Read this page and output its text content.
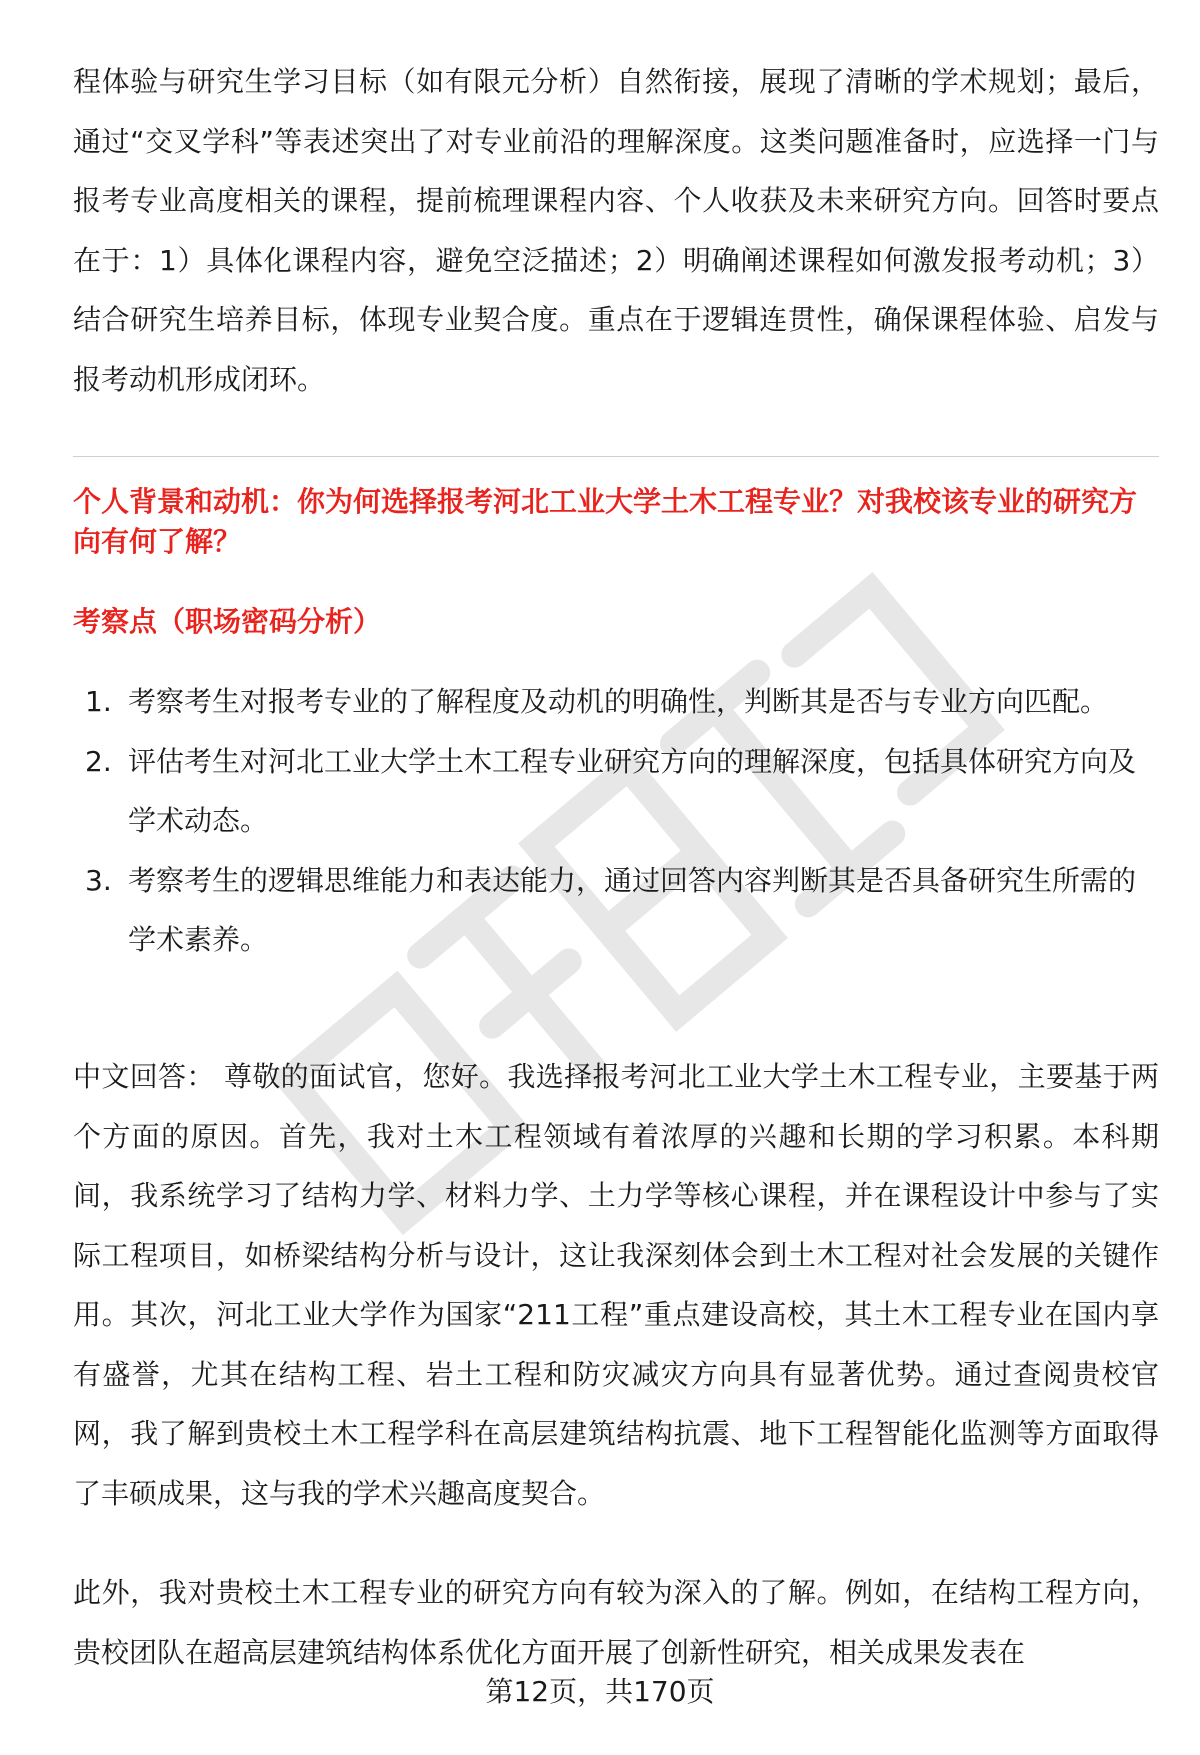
程体验与研究生学习目标（如有限元分析）自然衔接，展现了清晰的学术规划；最后，通过“交叉学科”等表述突出了对专业前沿的理解深度。这类问题准备时，应选择一门与报考专业高度相关的课程，提前梳理课程内容、个人收获及未来研究方向。回答时要点在于：1）具体化课程内容，避免空泛描述；2）明确阐述课程如何激发报考动机；3）结合研究生培养目标，体现专业契合度。重点在于逻辑连贯性，确保课程体验、启发与报考动机形成闭环。

个人背景和动机：你为何选择报考河北工业大学土木工程专业？对我校该专业的研究方向有何了解？

考察点（职场密码分析）

1. 考察考生对报考专业的了解程度及动机的明确性，判断其是否与专业方向匹配。
2. 评估考生对河北工业大学土木工程专业研究方向的理解深度，包括具体研究方向及学术动态。
3. 考察考生的逻辑思维能力和表达能力，通过回答内容判断其是否具备研究生所需的学术素养。

中文回答： 尊敬的面试官，您好。我选择报考河北工业大学土木工程专业，主要基于两个方面的原因。首先，我对土木工程领域有着浓厚的兴趣和长期的学习积累。本科期间，我系统学习了结构力学、材料力学、土力学等核心课程，并在课程设计中参与了实际工程项目，如桥梁结构分析与设计，这让我深刻体会到土木工程对社会发展的关键作用。其次，河北工业大学作为国家“211工程”重点建设高校，其土木工程专业在国内享有盛誉，尤其在结构工程、岩土工程和防灾减灾方向具有显著优势。通过查阅贵校官网，我了解到贵校土木工程学科在高层建筑结构抗震、地下工程智能化监测等方面取得了丰硕成果，这与我的学术兴趣高度契合。

此外，我对贵校土木工程专业的研究方向有较为深入的了解。例如，在结构工程方向，贵校团队在超高层建筑结构体系优化方面开展了创新性研究，相关成果发表在

第12页，共170页
